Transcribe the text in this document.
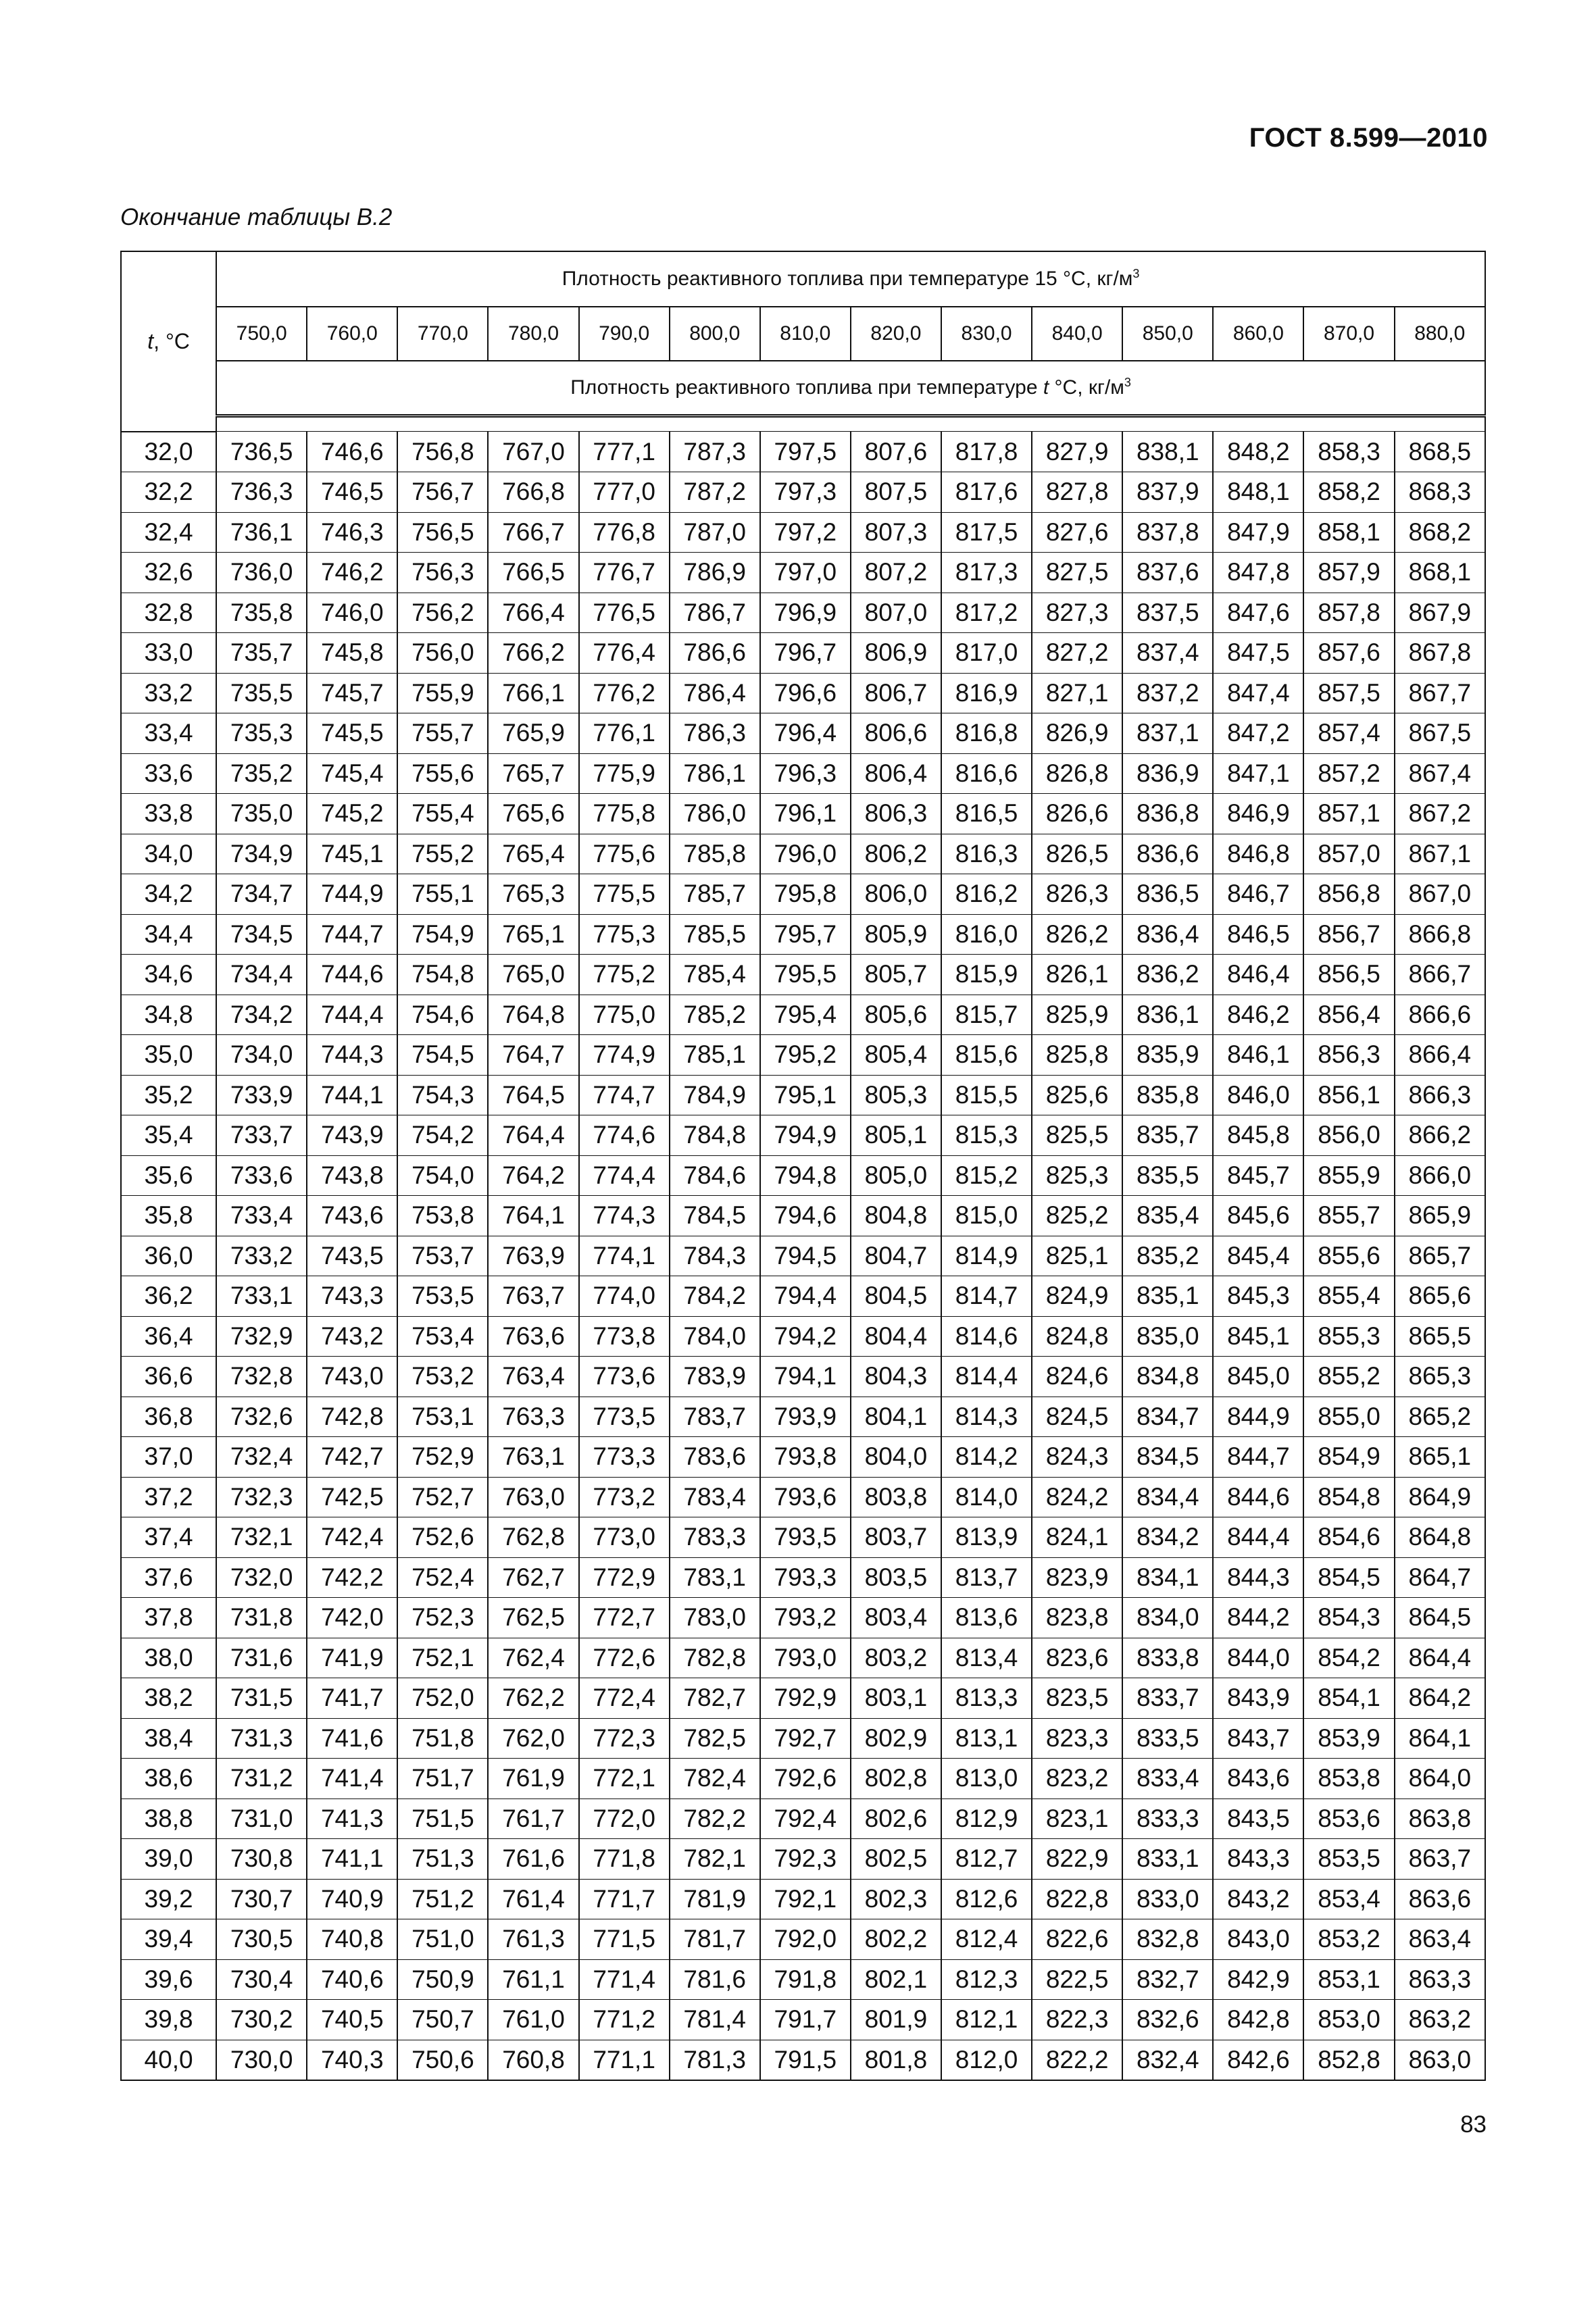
ГОСТ 8.599—2010
Окончание таблицы В.2
t, °С	Плотность реактивного топлива при температуре 15 °С, $кг/м^3$
	750,0	760,0	770,0	780,0	790,0	800,0	810,0	820,0	830,0	840,0	850,0	860,0	870,0	880,0
	Плотность реактивного топлива при температуре t °С, $кг/м^3$

32,0	736,5	746,6	756,8	767,0	777,1	787,3	797,5	807,6	817,8	827,9	838,1	848,2	858,3	868,5
32,2	736,3	746,5	756,7	766,8	777,0	787,2	797,3	807,5	817,6	827,8	837,9	848,1	858,2	868,3
32,4	736,1	746,3	756,5	766,7	776,8	787,0	797,2	807,3	817,5	827,6	837,8	847,9	858,1	868,2
32,6	736,0	746,2	756,3	766,5	776,7	786,9	797,0	807,2	817,3	827,5	837,6	847,8	857,9	868,1
32,8	735,8	746,0	756,2	766,4	776,5	786,7	796,9	807,0	817,2	827,3	837,5	847,6	857,8	867,9
33,0	735,7	745,8	756,0	766,2	776,4	786,6	796,7	806,9	817,0	827,2	837,4	847,5	857,6	867,8
33,2	735,5	745,7	755,9	766,1	776,2	786,4	796,6	806,7	816,9	827,1	837,2	847,4	857,5	867,7
33,4	735,3	745,5	755,7	765,9	776,1	786,3	796,4	806,6	816,8	826,9	837,1	847,2	857,4	867,5
33,6	735,2	745,4	755,6	765,7	775,9	786,1	796,3	806,4	816,6	826,8	836,9	847,1	857,2	867,4
33,8	735,0	745,2	755,4	765,6	775,8	786,0	796,1	806,3	816,5	826,6	836,8	846,9	857,1	867,2
34,0	734,9	745,1	755,2	765,4	775,6	785,8	796,0	806,2	816,3	826,5	836,6	846,8	857,0	867,1
34,2	734,7	744,9	755,1	765,3	775,5	785,7	795,8	806,0	816,2	826,3	836,5	846,7	856,8	867,0
34,4	734,5	744,7	754,9	765,1	775,3	785,5	795,7	805,9	816,0	826,2	836,4	846,5	856,7	866,8
34,6	734,4	744,6	754,8	765,0	775,2	785,4	795,5	805,7	815,9	826,1	836,2	846,4	856,5	866,7
34,8	734,2	744,4	754,6	764,8	775,0	785,2	795,4	805,6	815,7	825,9	836,1	846,2	856,4	866,6
35,0	734,0	744,3	754,5	764,7	774,9	785,1	795,2	805,4	815,6	825,8	835,9	846,1	856,3	866,4
35,2	733,9	744,1	754,3	764,5	774,7	784,9	795,1	805,3	815,5	825,6	835,8	846,0	856,1	866,3
35,4	733,7	743,9	754,2	764,4	774,6	784,8	794,9	805,1	815,3	825,5	835,7	845,8	856,0	866,2
35,6	733,6	743,8	754,0	764,2	774,4	784,6	794,8	805,0	815,2	825,3	835,5	845,7	855,9	866,0
35,8	733,4	743,6	753,8	764,1	774,3	784,5	794,6	804,8	815,0	825,2	835,4	845,6	855,7	865,9
36,0	733,2	743,5	753,7	763,9	774,1	784,3	794,5	804,7	814,9	825,1	835,2	845,4	855,6	865,7
36,2	733,1	743,3	753,5	763,7	774,0	784,2	794,4	804,5	814,7	824,9	835,1	845,3	855,4	865,6
36,4	732,9	743,2	753,4	763,6	773,8	784,0	794,2	804,4	814,6	824,8	835,0	845,1	855,3	865,5
36,6	732,8	743,0	753,2	763,4	773,6	783,9	794,1	804,3	814,4	824,6	834,8	845,0	855,2	865,3
36,8	732,6	742,8	753,1	763,3	773,5	783,7	793,9	804,1	814,3	824,5	834,7	844,9	855,0	865,2
37,0	732,4	742,7	752,9	763,1	773,3	783,6	793,8	804,0	814,2	824,3	834,5	844,7	854,9	865,1
37,2	732,3	742,5	752,7	763,0	773,2	783,4	793,6	803,8	814,0	824,2	834,4	844,6	854,8	864,9
37,4	732,1	742,4	752,6	762,8	773,0	783,3	793,5	803,7	813,9	824,1	834,2	844,4	854,6	864,8
37,6	732,0	742,2	752,4	762,7	772,9	783,1	793,3	803,5	813,7	823,9	834,1	844,3	854,5	864,7
37,8	731,8	742,0	752,3	762,5	772,7	783,0	793,2	803,4	813,6	823,8	834,0	844,2	854,3	864,5
38,0	731,6	741,9	752,1	762,4	772,6	782,8	793,0	803,2	813,4	823,6	833,8	844,0	854,2	864,4
38,2	731,5	741,7	752,0	762,2	772,4	782,7	792,9	803,1	813,3	823,5	833,7	843,9	854,1	864,2
38,4	731,3	741,6	751,8	762,0	772,3	782,5	792,7	802,9	813,1	823,3	833,5	843,7	853,9	864,1
38,6	731,2	741,4	751,7	761,9	772,1	782,4	792,6	802,8	813,0	823,2	833,4	843,6	853,8	864,0
38,8	731,0	741,3	751,5	761,7	772,0	782,2	792,4	802,6	812,9	823,1	833,3	843,5	853,6	863,8
39,0	730,8	741,1	751,3	761,6	771,8	782,1	792,3	802,5	812,7	822,9	833,1	843,3	853,5	863,7
39,2	730,7	740,9	751,2	761,4	771,7	781,9	792,1	802,3	812,6	822,8	833,0	843,2	853,4	863,6
39,4	730,5	740,8	751,0	761,3	771,5	781,7	792,0	802,2	812,4	822,6	832,8	843,0	853,2	863,4
39,6	730,4	740,6	750,9	761,1	771,4	781,6	791,8	802,1	812,3	822,5	832,7	842,9	853,1	863,3
39,8	730,2	740,5	750,7	761,0	771,2	781,4	791,7	801,9	812,1	822,3	832,6	842,8	853,0	863,2
40,0	730,0	740,3	750,6	760,8	771,1	781,3	791,5	801,8	812,0	822,2	832,4	842,6	852,8	863,0
83
